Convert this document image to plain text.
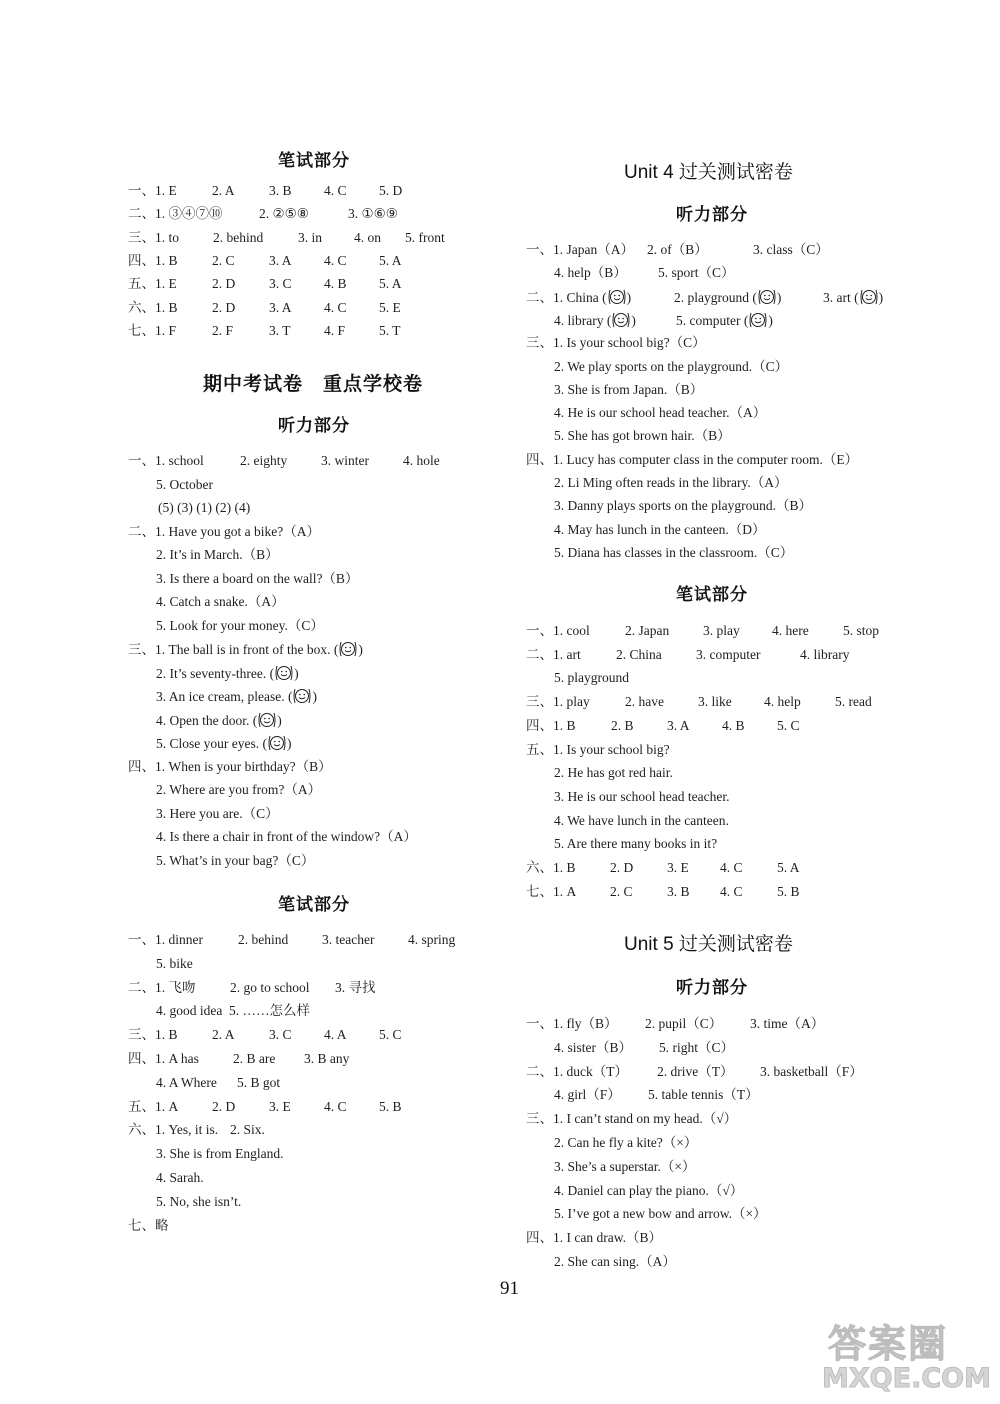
笔试部分
一、1. E	2. A	3. B 4. C 5. D
二、1. ③④⑦⑩	2. ②⑤⑧	3. ①⑥⑨
三、1. to	2. behind	3. in 4. on 5. front
四、1. B	2. C	3. A 4. C 5. A
五、1. E	2. D	3. C 4. B 5. A
六、1. B	2. D	3. A 4. C 5. E
七、1. F	2. F	3. T 4. F	5. T
期中考试卷　重点学校卷
听力部分
一、1. school	2. eighty	3. winter	4. hole
5. October
(5) (3) (1) (2) (4)
二、1. Have you got a bike?（A）
2. It’s in March.（B）
3. Is there a board on the wall?（B）
4. Catch a snake.（A）
5. Look for your money.（C）
三、1. The ball is in front of the box. ( )
2. It’s seventy-three. ( )
3. An ice cream, please. ( )
4. Open the door. ( )
5. Close your eyes. ( )
四、1. When is your birthday?（B）
2. Where are you from?（A）
3. Here you are.（C）
4. Is there a chair in front of the window?（A）
5. What’s in your bag?（C）
笔试部分
一、1. dinner	2. behind	3. teacher 4. spring
5. bike
二、1. 飞吻	2. go to school 3. 寻找
4. good idea 5. ……怎么样
三、1. B	2. A	3. C 4. A 5. C
四、1. A has	2. B are 3. B any
4. A Where 5. B got
五、1. A	2. D	3. E 4. C 5. B
六、1. Yes, it is. 2. Six.
3. She is from England.
4. Sarah.
5. No, she isn’t.
七、略
Unit 4 过关测试密卷
听力部分
一、1. Japan（A） 2. of（B）	3. class（C）
4. help（B） 5. sport（C）
二、1. China ( )	2. playground ( )	3. art ( )
4. library ( )	5. computer ( )
三、1. Is your school big?（C）
2. We play sports on the playground.（C）
3. She is from Japan.（B）
4. He is our school head teacher.（A）
5. She has got brown hair.（B）
四、1. Lucy has computer class in the computer room.（E）
2. Li Ming often reads in the library.（A）
3. Danny plays sports on the playground.（B）
4. May has lunch in the canteen.（D）
5. Diana has classes in the classroom.（C）
笔试部分
一、1. cool	2. Japan	3. play 4. here	5. stop
二、1. art	2. China	3. computer	4. library
5. playground
三、1. play	2. have	3. like 4. help	5. read
四、1. B	2. B 3. A 4. B 5. C
五、1. Is your school big?
2. He has got red hair.
3. He is our school head teacher.
4. We have lunch in the canteen.
5. Are there many books in it?
六、1. B	2. D	3. E 4. C	5. A
七、1. A	2. C	3. B 4. C	5. B
Unit 5 过关测试密卷
听力部分
一、1. fly（B） 2. pupil（C） 3. time（A）
4. sister（B） 5. right（C）
二、1. duck（T） 2. drive（T） 3. basketball（F）
4. girl（F） 5. table tennis（T）
三、1. I can’t stand on my head.（√）
2. Can he fly a kite?（×）
3. She’s a superstar.（×）
4. Daniel can play the piano.（√）
5. I’ve got a new bow and arrow.（×）
四、1. I can draw.（B）
2. She can sing.（A）
91
答案圈
MXQE.COM
